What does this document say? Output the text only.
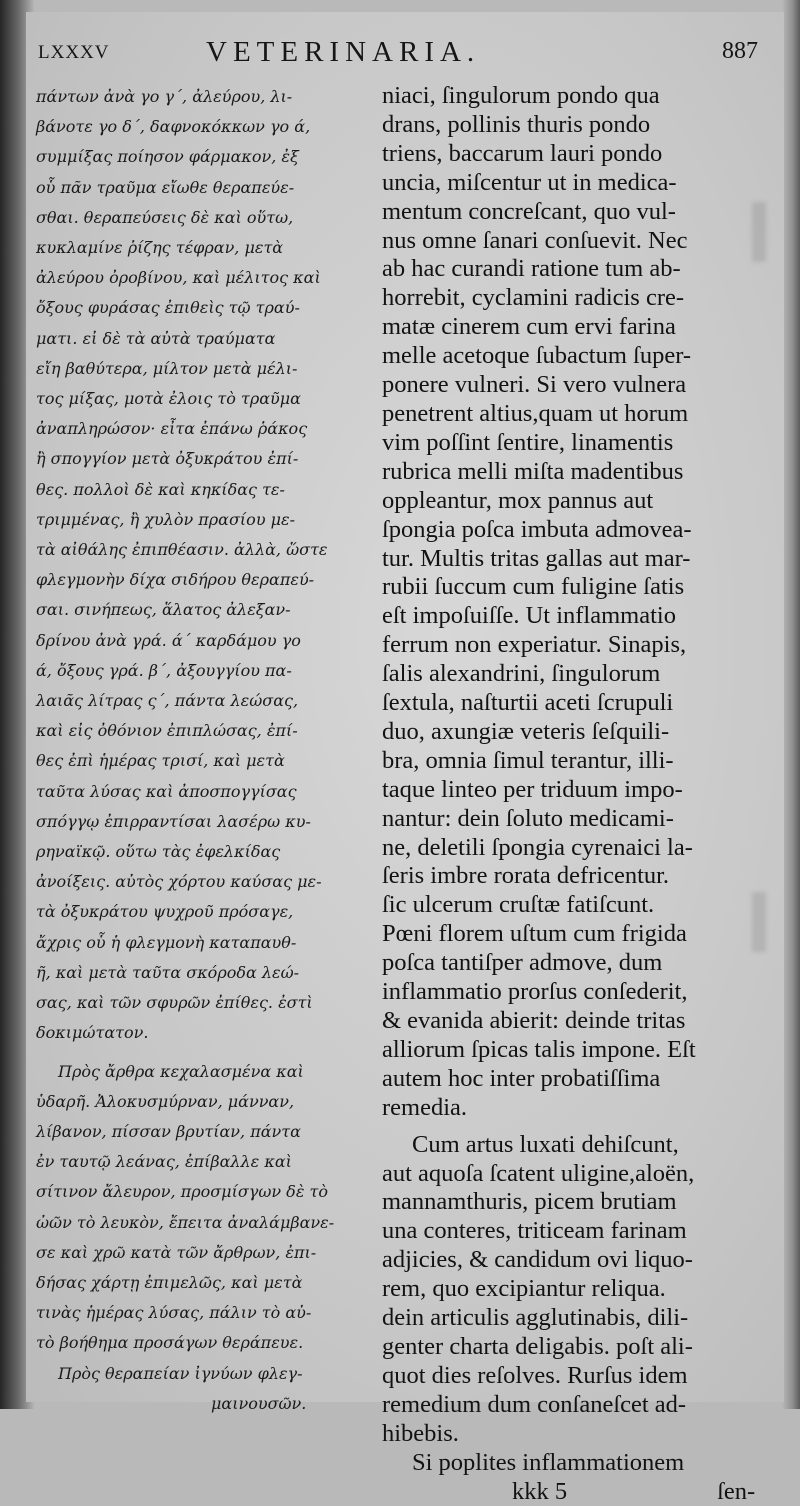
LXXXV	VETERINARIA.	887
πάντων ἀνὰ γο γ´, ἀλεύρου, λι-
βάνοτε γο δ´, δαφνοκόκκων γο ά,
συμμίξας ποίησον φάρμακον, ἐξ
οὗ πᾶν τραῦμα εἴωθε θεραπεύε-
σθαι. θεραπεύσεις δὲ καὶ οὕτω,
κυκλαμίνε ῥίζης τέφραν, μετὰ
ἀλεύρου ὀροβίνου, καὶ μέλιτος καὶ
ὄξους φυράσας ἐπιθεὶς τῷ τραύ-
ματι. εἰ δὲ τὰ αὐτὰ τραύματα
εἴη βαθύτερα, μίλτον μετὰ μέλι-
τος μίξας, μοτὰ ἐλοις τὸ τραῦμα
ἀναπληρώσον· εἶτα ἐπάνω ῥάκος
ἢ σπογγίον μετὰ ὀξυκράτου ἐπί-
θες. πολλοὶ δὲ καὶ κηκίδας τε-
τριμμένας, ἢ χυλὸν πρασίου με-
τὰ αἰθάλης ἐπιπθέασιν. ἀλλὰ, ὥστε
φλεγμονὴν δίχα σιδήρου θεραπεύ-
σαι. σινήπεως, ἅλατος ἀλεξαν-
δρίνου ἀνὰ γρά. ά´ καρδάμου γο
ά, ὄξους γρά. β´, ἀξουγγίου πα-
λαιᾶς λίτρας ς´, πάντα λεώσας,
καὶ εἰς ὀθόνιον ἐπιπλώσας, ἐπί-
θες ἐπὶ ἡμέρας τρισί, καὶ μετὰ
ταῦτα λύσας καὶ ἀποσπογγίσας
σπόγγῳ ἐπιρραντίσαι λασέρω κυ-
ρηναϊκῷ. οὕτω τὰς ἐφελκίδας
ἀνοίξεις. αὐτὸς χόρτου καύσας με-
τὰ ὀξυκράτου ψυχροῦ πρόσαγε,
ἄχρις οὗ ἡ φλεγμονὴ καταπαυθ-
ῆ, καὶ μετὰ ταῦτα σκόροδα λεώ-
σας, καὶ τῶν σφυρῶν ἐπίθες. ἐστὶ
δοκιμώτατον.
Πρὸς ἄρθρα κεχαλασμένα καὶ
ὑδαρῆ. Ἀλοκυσμύρναν, μάνναν,
λίβανον, πίσσαν βρυτίαν, πάντα
ἐν ταυτῷ λεάνας, ἐπίβαλλε καὶ
σίτινον ἄλευρον, προσμίσγων δὲ τὸ
ὠῶν τὸ λευκὸν, ἔπειτα ἀναλάμβανε-
σε καὶ χρῶ κατὰ τῶν ἄρθρων, ἐπι-
δήσας χάρτῃ ἐπιμελῶς, καὶ μετὰ
τινὰς ἡμέρας λύσας, πάλιν τὸ αὐ-
τὸ βοήθημα προσάγων θεράπευε.
Πρὸς θεραπείαν ἰγνύων φλεγ-
μαινουσῶν.
niaci, ſingulorum pondo qua
drans, pollinis thuris pondo
triens, baccarum lauri pondo
uncia, miſcentur ut in medica-
mentum concreſcant, quo vul-
nus omne ſanari conſuevit. Nec
ab hac curandi ratione tum ab-
horrebit, cyclamini radicis cre-
matæ cinerem cum ervi farina
melle acetoque ſubactum ſuper-
ponere vulneri. Si vero vulnera
penetrent altius,quam ut horum
vim poſſint ſentire, linamentis
rubrica melli miſta madentibus
oppleantur, mox pannus aut
ſpongia poſca imbuta admovea-
tur. Multis tritas gallas aut mar-
rubii ſuccum cum fuligine ſatis
eſt impoſuiſſe. Ut inflammatio
ferrum non experiatur. Sinapis,
ſalis alexandrini, ſingulorum
ſextula, naſturtii aceti ſcrupuli
duo, axungiæ veteris ſeſquili-
bra, omnia ſimul terantur, illi-
taque linteo per triduum impo-
nantur: dein ſoluto medicami-
ne, deletili ſpongia cyrenaici la-
ſeris imbre rorata defricentur.
ſic ulcerum cruſtæ fatiſcunt.
Pœni florem uſtum cum frigida
poſca tantiſper admove, dum
inflammatio prorſus conſederit,
& evanida abierit: deinde tritas
alliorum ſpicas talis impone. Eſt
autem hoc inter probatiſſima
remedia.
Cum artus luxati dehiſcunt,
aut aquoſa ſcatent uligine,aloën,
mannamthuris, picem brutiam
una conteres, triticeam farinam
adjicies, & candidum ovi liquo-
rem, quo excipiantur reliqua.
dein articulis agglutinabis, dili-
genter charta deligabis. poſt ali-
quot dies reſolves. Rurſus idem
remedium dum conſaneſcet ad-
hibebis.
Si poplites inflammationem
kkk 5	ſen-
